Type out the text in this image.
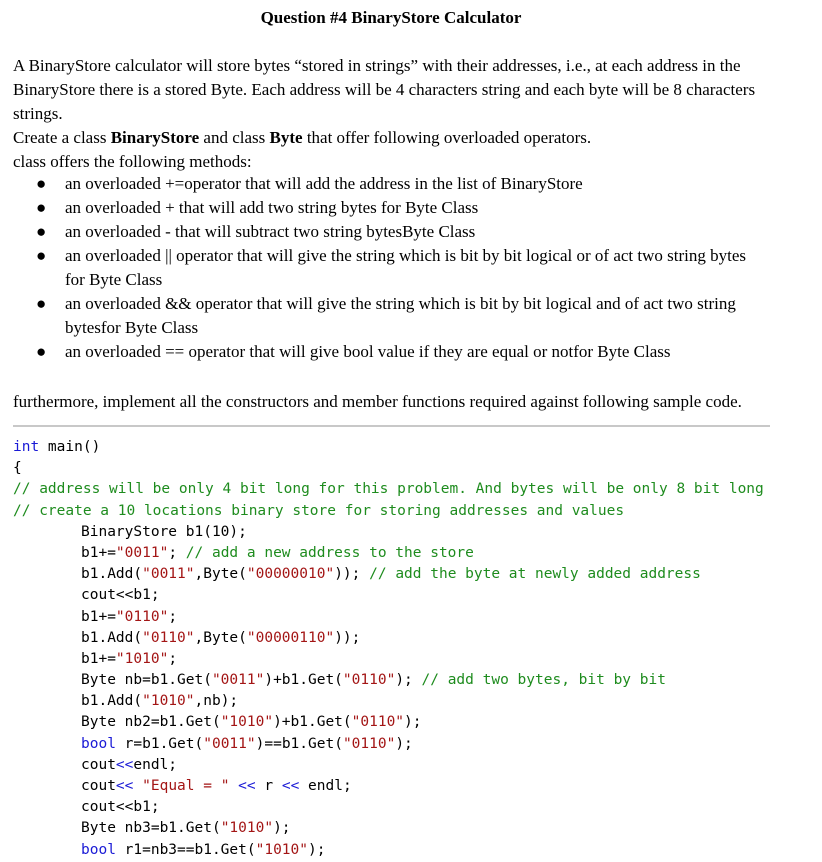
Question #4 BinaryStore Calculator
A BinaryStore calculator will store bytes “stored in strings” with their addresses, i.e., at each address in the
BinaryStore there is a stored Byte. Each address will be 4 characters string and each byte will be 8 characters
strings.
Create a class BinaryStore and class Byte that offer following overloaded operators.
class offers the following methods:
● an overloaded +=operator that will add the address in the list of BinaryStore
● an overloaded + that will add two string bytes for Byte Class
● an overloaded - that will subtract two string bytesByte Class
● an overloaded || operator that will give the string which is bit by bit logical or of act two string bytes
for Byte Class
● an overloaded && operator that will give the string which is bit by bit logical and of act two string
bytesfor Byte Class
● an overloaded == operator that will give bool value if they are equal or notfor Byte Class
furthermore, implement all the constructors and member functions required against following sample code.
int main()
{
// address will be only 4 bit long for this problem. And bytes will be only 8 bit long
// create a 10 locations binary store for storing addresses and values
BinaryStore b1(10);
b1+="0011"; // add a new address to the store
b1.Add("0011",Byte("00000010")); // add the byte at newly added address
cout<<b1;
b1+="0110";
b1.Add("0110",Byte("00000110"));
b1+="1010";
Byte nb=b1.Get("0011")+b1.Get("0110"); // add two bytes, bit by bit
b1.Add("1010",nb);
Byte nb2=b1.Get("1010")+b1.Get("0110");
bool r=b1.Get("0011")==b1.Get("0110");
cout<<endl;
cout<< "Equal = " << r << endl;
cout<<b1;
Byte nb3=b1.Get("1010");
bool r1=nb3==b1.Get("1010");
